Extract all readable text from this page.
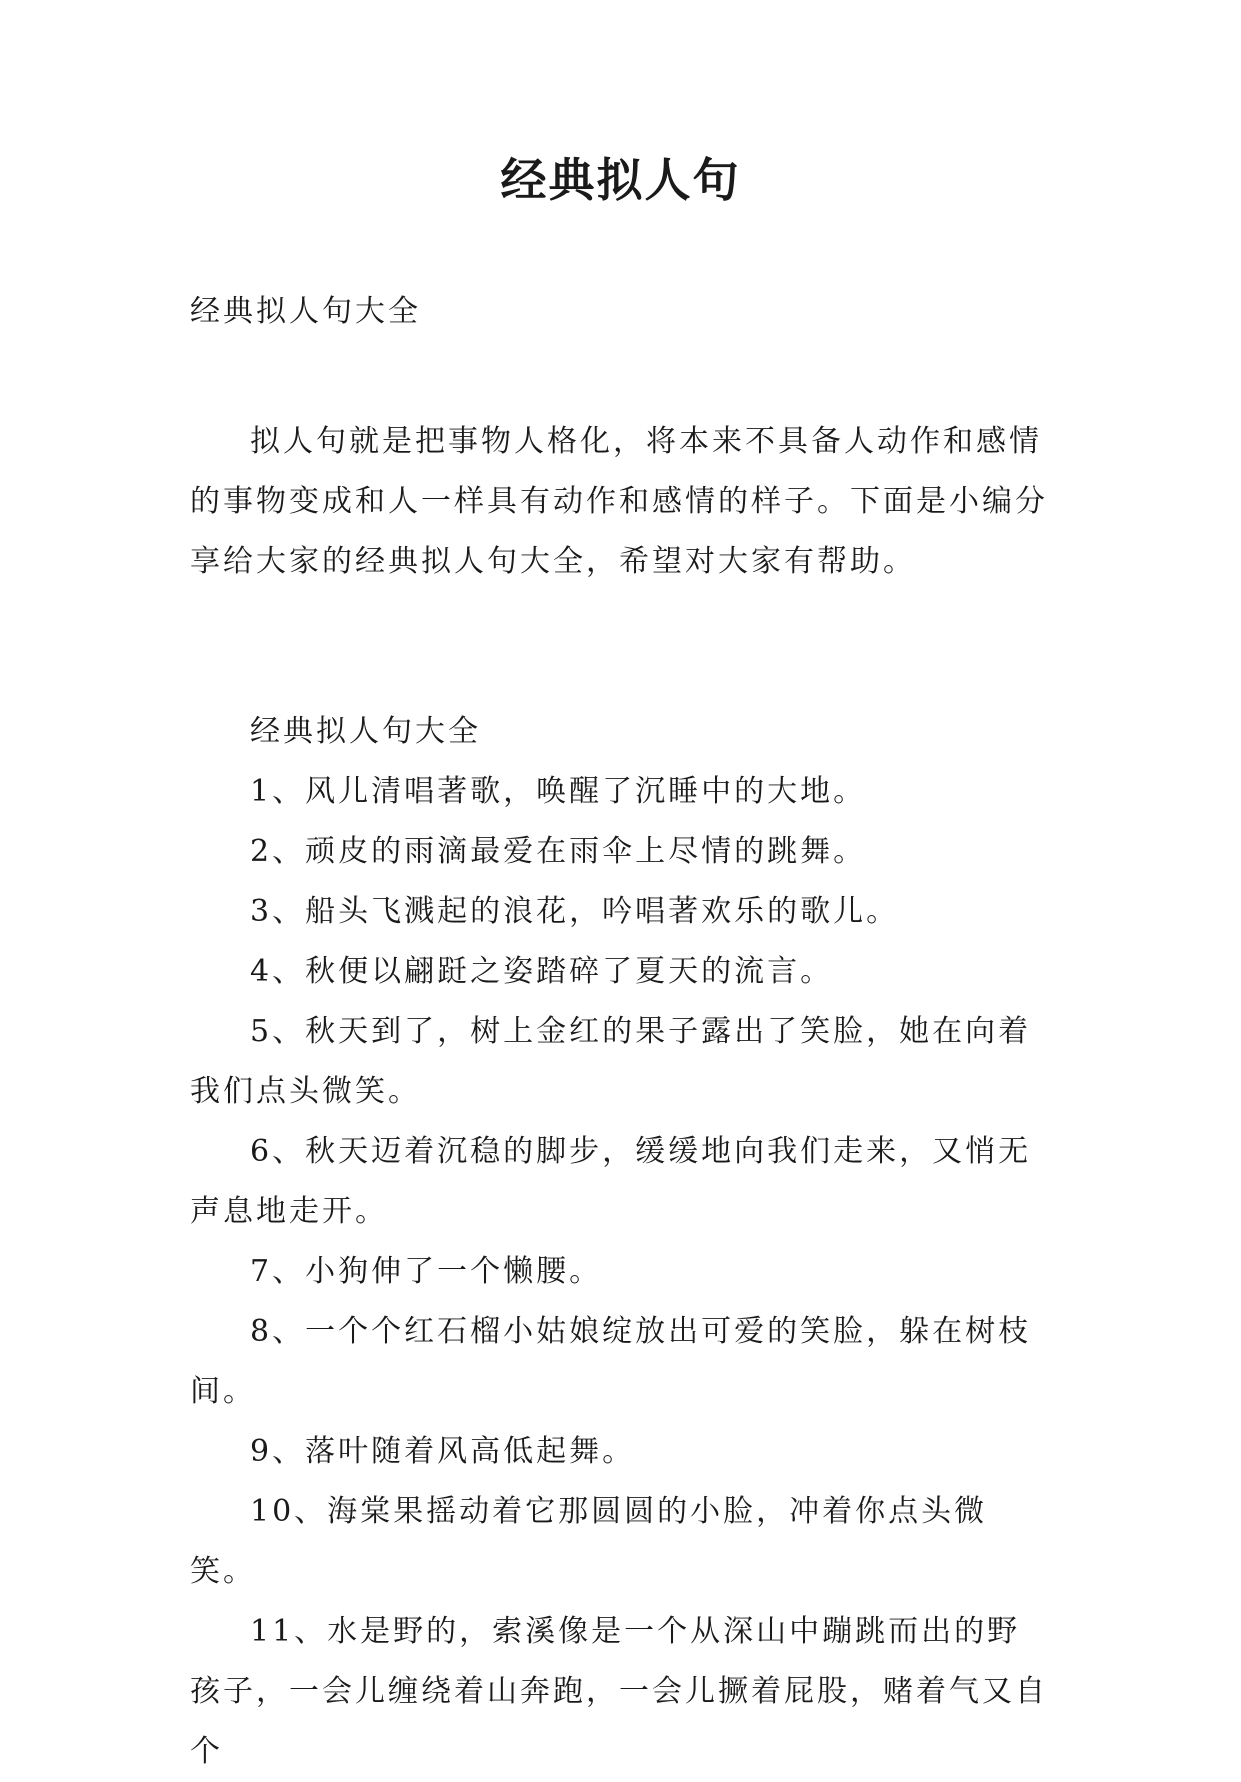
经典拟人句

经典拟人句大全

拟人句就是把事物人格化，将本来不具备人动作和感情的事物变成和人一样具有动作和感情的样子。下面是小编分享给大家的经典拟人句大全，希望对大家有帮助。

经典拟人句大全

1、风儿清唱著歌，唤醒了沉睡中的大地。

2、顽皮的雨滴最爱在雨伞上尽情的跳舞。

3、船头飞溅起的浪花，吟唱著欢乐的歌儿。

4、秋便以翩跹之姿踏碎了夏天的流言。

5、秋天到了，树上金红的果子露出了笑脸，她在向着我们点头微笑。

6、秋天迈着沉稳的脚步，缓缓地向我们走来，又悄无声息地走开。

7、小狗伸了一个懒腰。

8、一个个红石榴小姑娘绽放出可爱的笑脸，躲在树枝间。

9、落叶随着风高低起舞。

10、海棠果摇动着它那圆圆的小脸，冲着你点头微笑。

11、水是野的，索溪像是一个从深山中蹦跳而出的野孩子，一会儿缠绕着山奔跑，一会儿撅着屁股，赌着气又自个
